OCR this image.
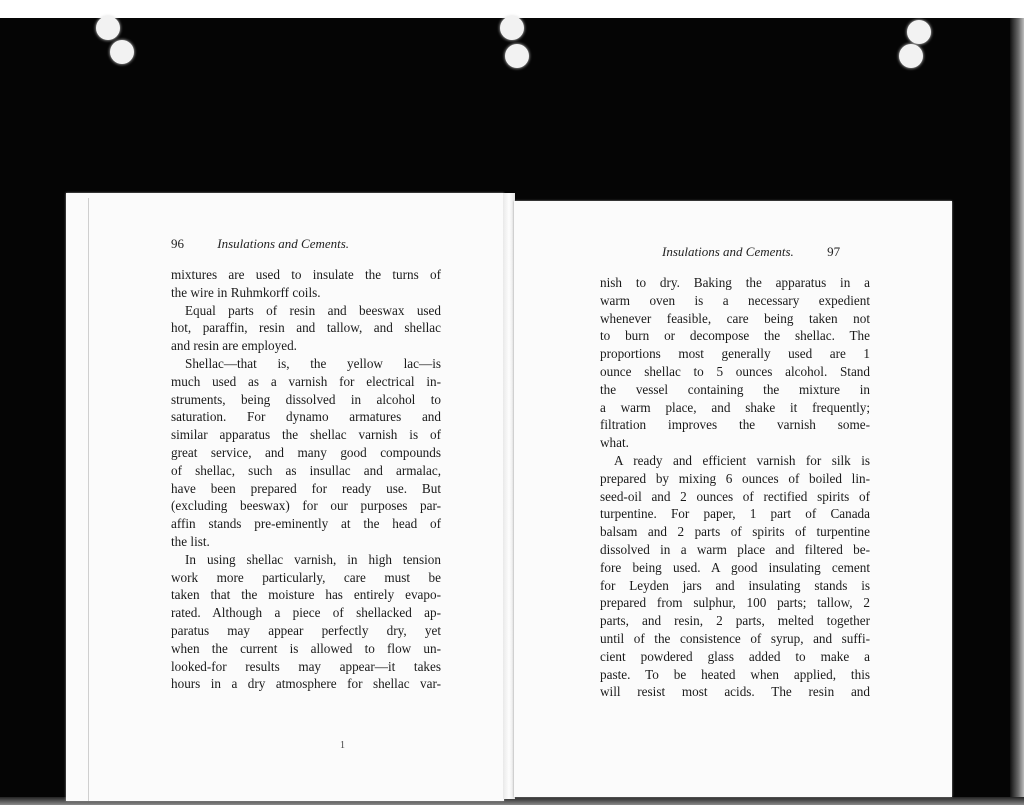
96	Insulations and Cements.
Insulations and Cements.	97
mixtures are used to insulate the turns of
the wire in Ruhmkorff coils.
Equal parts of resin and beeswax used
hot, paraffin, resin and tallow, and shellac
and resin are employed.
Shellac—that is, the yellow lac—is
much used as a varnish for electrical in-
struments, being dissolved in alcohol to
saturation. For dynamo armatures and
similar apparatus the shellac varnish is of
great service, and many good compounds
of shellac, such as insullac and armalac,
have been prepared for ready use. But
(excluding beeswax) for our purposes par-
affin stands pre-eminently at the head of
the list.
In using shellac varnish, in high tension
work more particularly, care must be
taken that the moisture has entirely evapo-
rated. Although a piece of shellacked ap-
paratus may appear perfectly dry, yet
when the current is allowed to flow un-
looked-for results may appear—it takes
hours in a dry atmosphere for shellac var-
nish to dry. Baking the apparatus in a
warm oven is a necessary expedient
whenever feasible, care being taken not
to burn or decompose the shellac. The
proportions most generally used are 1
ounce shellac to 5 ounces alcohol. Stand
the vessel containing the mixture in
a warm place, and shake it frequently;
filtration improves the varnish some-
what.
A ready and efficient varnish for silk is
prepared by mixing 6 ounces of boiled lin-
seed-oil and 2 ounces of rectified spirits of
turpentine. For paper, 1 part of Canada
balsam and 2 parts of spirits of turpentine
dissolved in a warm place and filtered be-
fore being used. A good insulating cement
for Leyden jars and insulating stands is
prepared from sulphur, 100 parts; tallow, 2
parts, and resin, 2 parts, melted together
until of the consistence of syrup, and suffi-
cient powdered glass added to make a
paste. To be heated when applied, this
will resist most acids. The resin and
1
